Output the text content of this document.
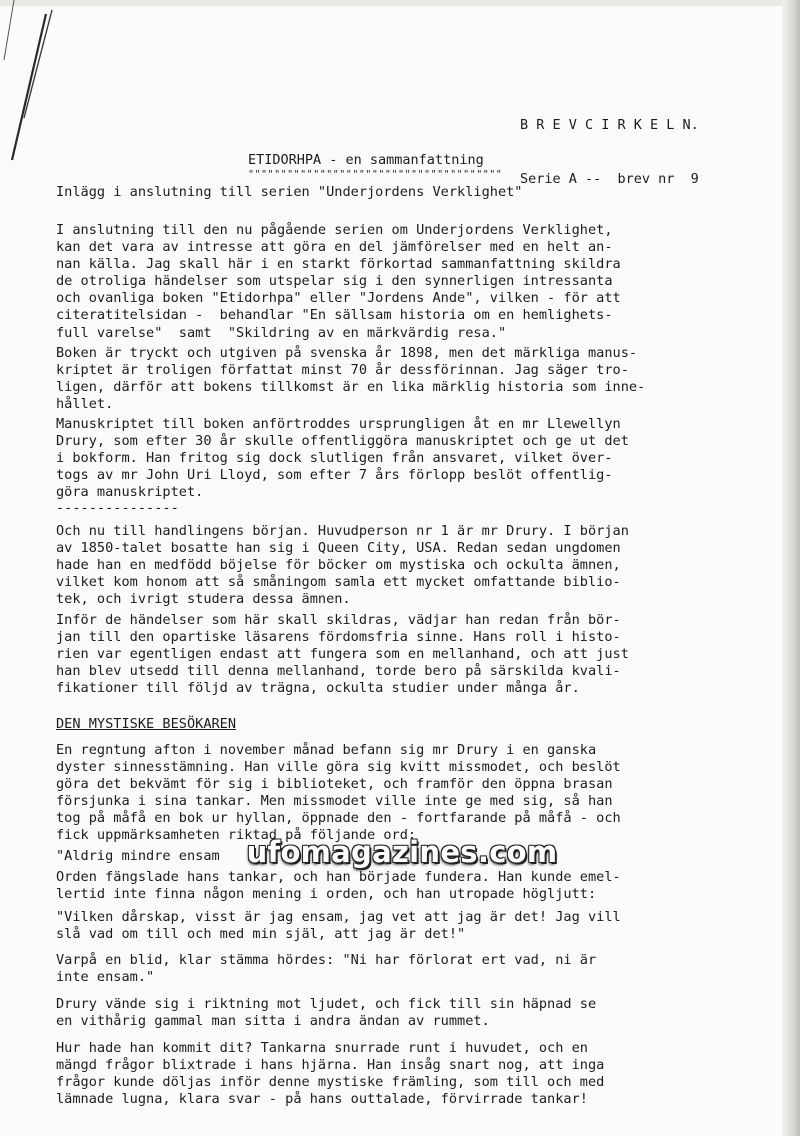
B R E V C I R K E L N.

Serie A --  brev nr  9

ETIDORHPA - en sammanfattning
"""""""""""""""""""""""""""""""""""""""
Inlägg i anslutning till serien "Underjordens Verklighet"
I anslutning till den nu pågående serien om Underjordens Verklighet,
kan det vara av intresse att göra en del jämförelser med en helt an-
nan källa. Jag skall här i en starkt förkortad sammanfattning skildra
de otroliga händelser som utspelar sig i den synnerligen intressanta
och ovanliga boken "Etidorhpa" eller "Jordens Ande", vilken - för att
citeratitelsidan -  behandlar "En sällsam historia om en hemlighets-
full varelse"  samt  "Skildring av en märkvärdig resa."
Boken är tryckt och utgiven på svenska år 1898, men det märkliga manus-
kriptet är troligen författat minst 70 år dessförinnan. Jag säger tro-
ligen, därför att bokens tillkomst är en lika märklig historia som inne-
hållet.
Manuskriptet till boken anförtroddes ursprungligen åt en mr Llewellyn
Drury, som efter 30 år skulle offentliggöra manuskriptet och ge ut det
i bokform. Han fritog sig dock slutligen från ansvaret, vilket över-
togs av mr John Uri Lloyd, som efter 7 års förlopp beslöt offentlig-
göra manuskriptet.
---------------
Och nu till handlingens början. Huvudperson nr 1 är mr Drury. I början
av 1850-talet bosatte han sig i Queen City, USA. Redan sedan ungdomen
hade han en medfödd böjelse för böcker om mystiska och ockulta ämnen,
vilket kom honom att så småningom samla ett mycket omfattande biblio-
tek, och ivrigt studera dessa ämnen.
Inför de händelser som här skall skildras, vädjar han redan från bör-
jan till den opartiske läsarens fördomsfria sinne. Hans roll i histo-
rien var egentligen endast att fungera som en mellanhand, och att just
han blev utsedd till denna mellanhand, torde bero på särskilda kvali-
fikationer till följd av trägna, ockulta studier under många år.
DEN MYSTISKE BESÖKAREN
En regntung afton i november månad befann sig mr Drury i en ganska
dyster sinnesstämning. Han ville göra sig kvitt missmodet, och beslöt
göra det bekvämt för sig i biblioteket, och framför den öppna brasan
försjunka i sina tankar. Men missmodet ville inte ge med sig, så han
tog på måfå en bok ur hyllan, öppnade den - fortfarande på måfå - och
fick uppmärksamheten riktad på följande ord:
"Aldrig mindre ensam
Orden fängslade hans tankar, och han började fundera. Han kunde emel-
lertid inte finna någon mening i orden, och han utropade högljutt:
"Vilken dårskap, visst är jag ensam, jag vet att jag är det! Jag vill
slå vad om till och med min själ, att jag är det!"
Varpå en blid, klar stämma hördes: "Ni har förlorat ert vad, ni är
inte ensam."
Drury vände sig i riktning mot ljudet, och fick till sin häpnad se
en vithårig gammal man sitta i andra ändan av rummet.
Hur hade han kommit dit? Tankarna snurrade runt i huvudet, och en
mängd frågor blixtrade i hans hjärna. Han insåg snart nog, att inga
frågor kunde döljas inför denne mystiske främling, som till och med
lämnade lugna, klara svar - på hans outtalade, förvirrade tankar!
ufomagazines.com
